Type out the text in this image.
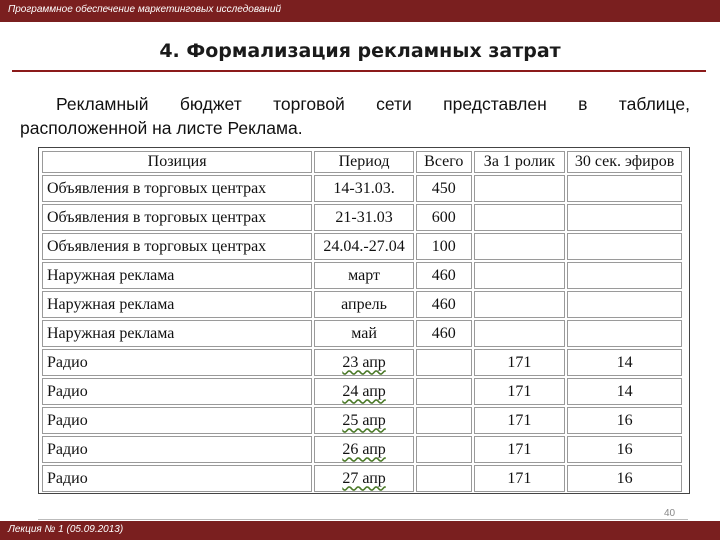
Программное обеспечение маркетинговых исследований
4. Формализация рекламных затрат
Рекламный бюджет торговой сети представлен в таблице,
расположенной на листе Реклама.
Позиция	Период	Всего	За 1 ролик	30 сек. эфиров
Объявления в торговых центрах	14-31.03.	450		
Объявления в торговых центрах	21-31.03	600		
Объявления в торговых центрах	24.04.-27.04	100		
Наружная реклама	март	460		
Наружная реклама	апрель	460		
Наружная реклама	май	460		
Радио	23 апр		171	14
Радио	24 апр		171	14
Радио	25 апр		171	16
Радио	26 апр		171	16
Радио	27 апр		171	16
40
Лекция № 1 (05.09.2013)
